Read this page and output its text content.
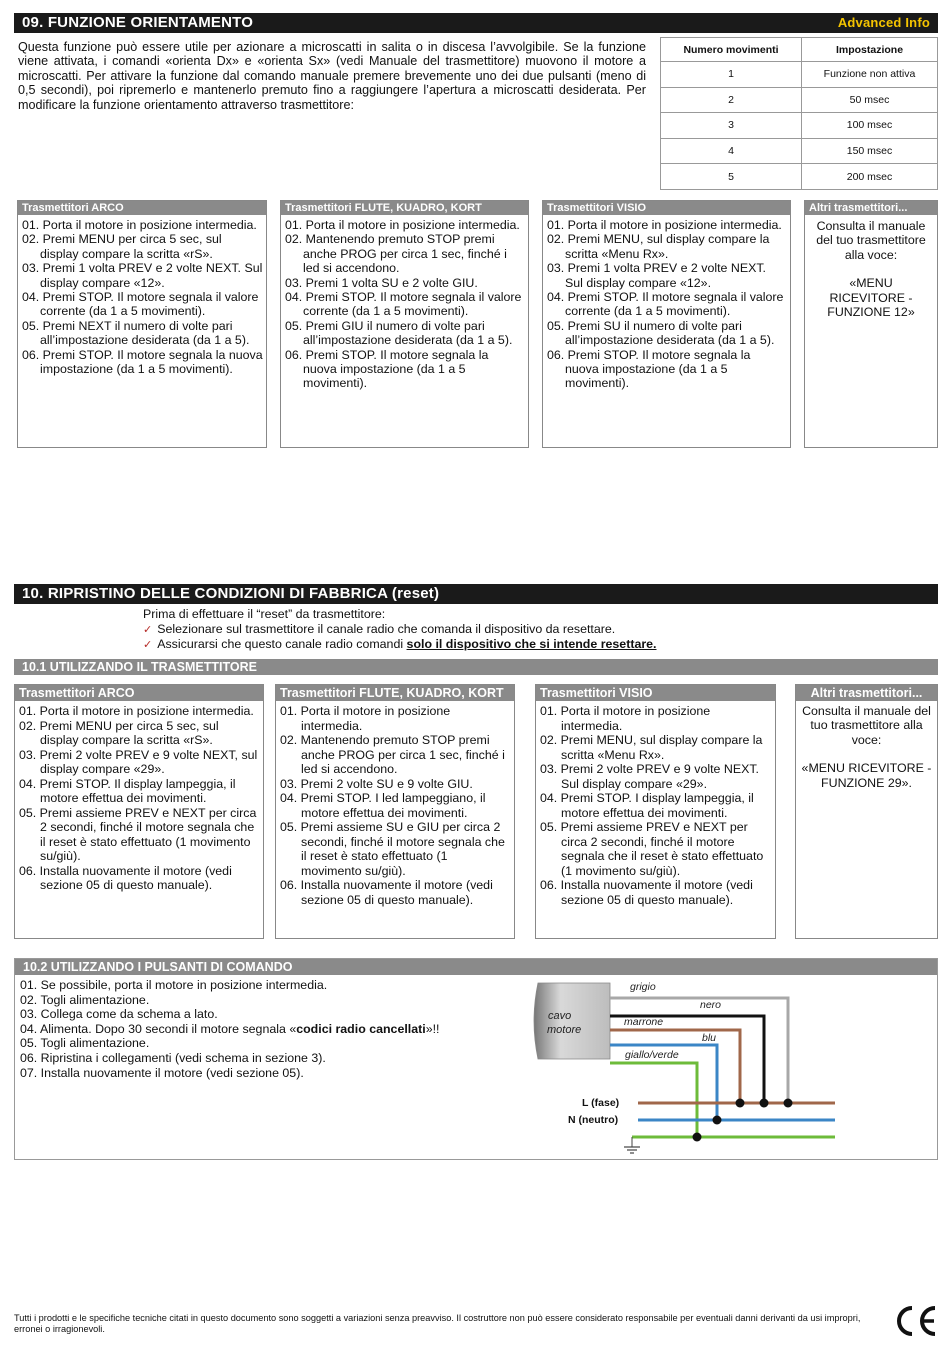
09. FUNZIONE ORIENTAMENTO	Advanced Info

Questa funzione può essere utile per azionare a microscatti in salita o in discesa l’avvolgibile. Se la funzione viene attivata, i comandi «orienta Dx» e «orienta Sx» (vedi Manuale del trasmettitore) muovono il motore a microscatti. Per attivare la funzione dal comando manuale premere brevemente uno dei due pulsanti (meno di 0,5 secondi), poi ripremerlo e mantenerlo premuto fino a raggiungere l’apertura a microscatti desiderata. Per modificare la funzione orientamento attraverso trasmettitore:

Numero movimenti	Impostazione
1	Funzione non attiva
2	50 msec
3	100 msec
4	150 msec
5	200 msec
Trasmettitori ARCO
01. Porta il motore in posizione intermedia.
02. Premi MENU per circa 5 sec, sul display compare la scritta «rS».
03. Premi 1 volta PREV e 2 volte NEXT. Sul display compare «12».
04. Premi STOP. Il motore segnala il valore corrente (da 1 a 5 movimenti).
05. Premi NEXT il numero di volte pari all’impostazione desiderata (da 1 a 5).
06. Premi STOP. Il motore segnala la nuova impostazione (da 1 a 5 movimenti).
Trasmettitori FLUTE, KUADRO, KORT
01. Porta il motore in posizione intermedia.
02. Mantenendo premuto STOP premi anche PROG per circa 1 sec, finché i led si accendono.
03. Premi 1 volta SU e 2 volte GIU.
04. Premi STOP. Il motore segnala il valore corrente (da 1 a 5 movimenti).
05. Premi GIU il numero di volte pari all’impostazione desiderata (da 1 a 5).
06. Premi STOP. Il motore segnala la nuova impostazione (da 1 a 5 movimenti).
Trasmettitori VISIO
01. Porta il motore in posizione intermedia.
02. Premi MENU, sul display compare la scritta «Menu Rx».
03. Premi 1 volta PREV e 2 volte NEXT. Sul display compare «12».
04. Premi STOP. Il motore segnala il valore corrente (da 1 a 5 movimenti).
05. Premi SU il numero di volte pari all’impostazione desiderata (da 1 a 5).
06. Premi STOP. Il motore segnala la nuova impostazione (da 1 a 5 movimenti).
Altri trasmettitori...

Consulta il manuale del tuo trasmettitore alla voce:

«MENU RICEVITORE - FUNZIONE 12»

10. RIPRISTINO DELLE CONDIZIONI DI FABBRICA (reset)
Prima di effettuare il “reset” da trasmettitore:
✓ Selezionare sul trasmettitore il canale radio che comanda il dispositivo da resettare.
✓ Assicurarsi che questo canale radio comandi solo il dispositivo che si intende resettare.
10.1 UTILIZZANDO IL TRASMETTITORE
Trasmettitori ARCO
01. Porta il motore in posizione intermedia.
02. Premi MENU per circa 5 sec, sul display compare la scritta «rS».
03. Premi 2 volte PREV e 9 volte NEXT, sul display compare «29».
04. Premi STOP. Il display lampeggia, il motore effettua dei movimenti.
05. Premi assieme PREV e NEXT per circa 2 secondi, finché il motore segnala che il reset è stato effettuato (1 movimento su/giù).
06. Installa nuovamente il motore (vedi sezione 05 di questo manuale).
Trasmettitori FLUTE, KUADRO, KORT
01. Porta il motore in posizione intermedia.
02. Mantenendo premuto STOP premi anche PROG per circa 1 sec, finché i led si accendono.
03. Premi 2 volte SU e 9 volte GIU.
04. Premi STOP. I led lampeggiano, il motore effettua dei movimenti.
05. Premi assieme SU e GIU per circa 2 secondi, finché il motore segnala che il reset è stato effettuato (1 movimento su/giù).
06. Installa nuovamente il motore (vedi sezione 05 di questo manuale).
Trasmettitori VISIO
01. Porta il motore in posizione intermedia.
02. Premi MENU, sul display compare la scritta «Menu Rx».
03. Premi 2 volte PREV e 9 volte NEXT. Sul display compare «29».
04. Premi STOP. I display lampeggia, il motore effettua dei movimenti.
05. Premi assieme PREV e NEXT per circa 2 secondi, finché il motore segnala che il reset è stato effettuato (1 movimento su/giù).
06. Installa nuovamente il motore (vedi sezione 05 di questo manuale).
Altri trasmettitori...

Consulta il manuale del tuo trasmettitore alla voce:

«MENU RICEVITORE - FUNZIONE 29».

10.2 UTILIZZANDO I PULSANTI DI COMANDO
01. Se possibile, porta il motore in posizione intermedia.
02. Togli alimentazione.
03. Collega come da schema a lato.
04. Alimenta. Dopo 30 secondi il motore segnala «codici radio cancellati»!!
05. Togli alimentazione.
06. Ripristina i collegamenti (vedi schema in sezione 3).
07. Installa nuovamente il motore (vedi sezione 05).
cavo
motore
grigio
nero
marrone
blu
giallo/verde
L (fase)
N (neutro)

Tutti i prodotti e le specifiche tecniche citati in questo documento sono soggetti a variazioni senza preavviso. Il costruttore non può essere considerato responsabile per eventuali danni derivanti da usi impropri, erronei o irragionevoli.
